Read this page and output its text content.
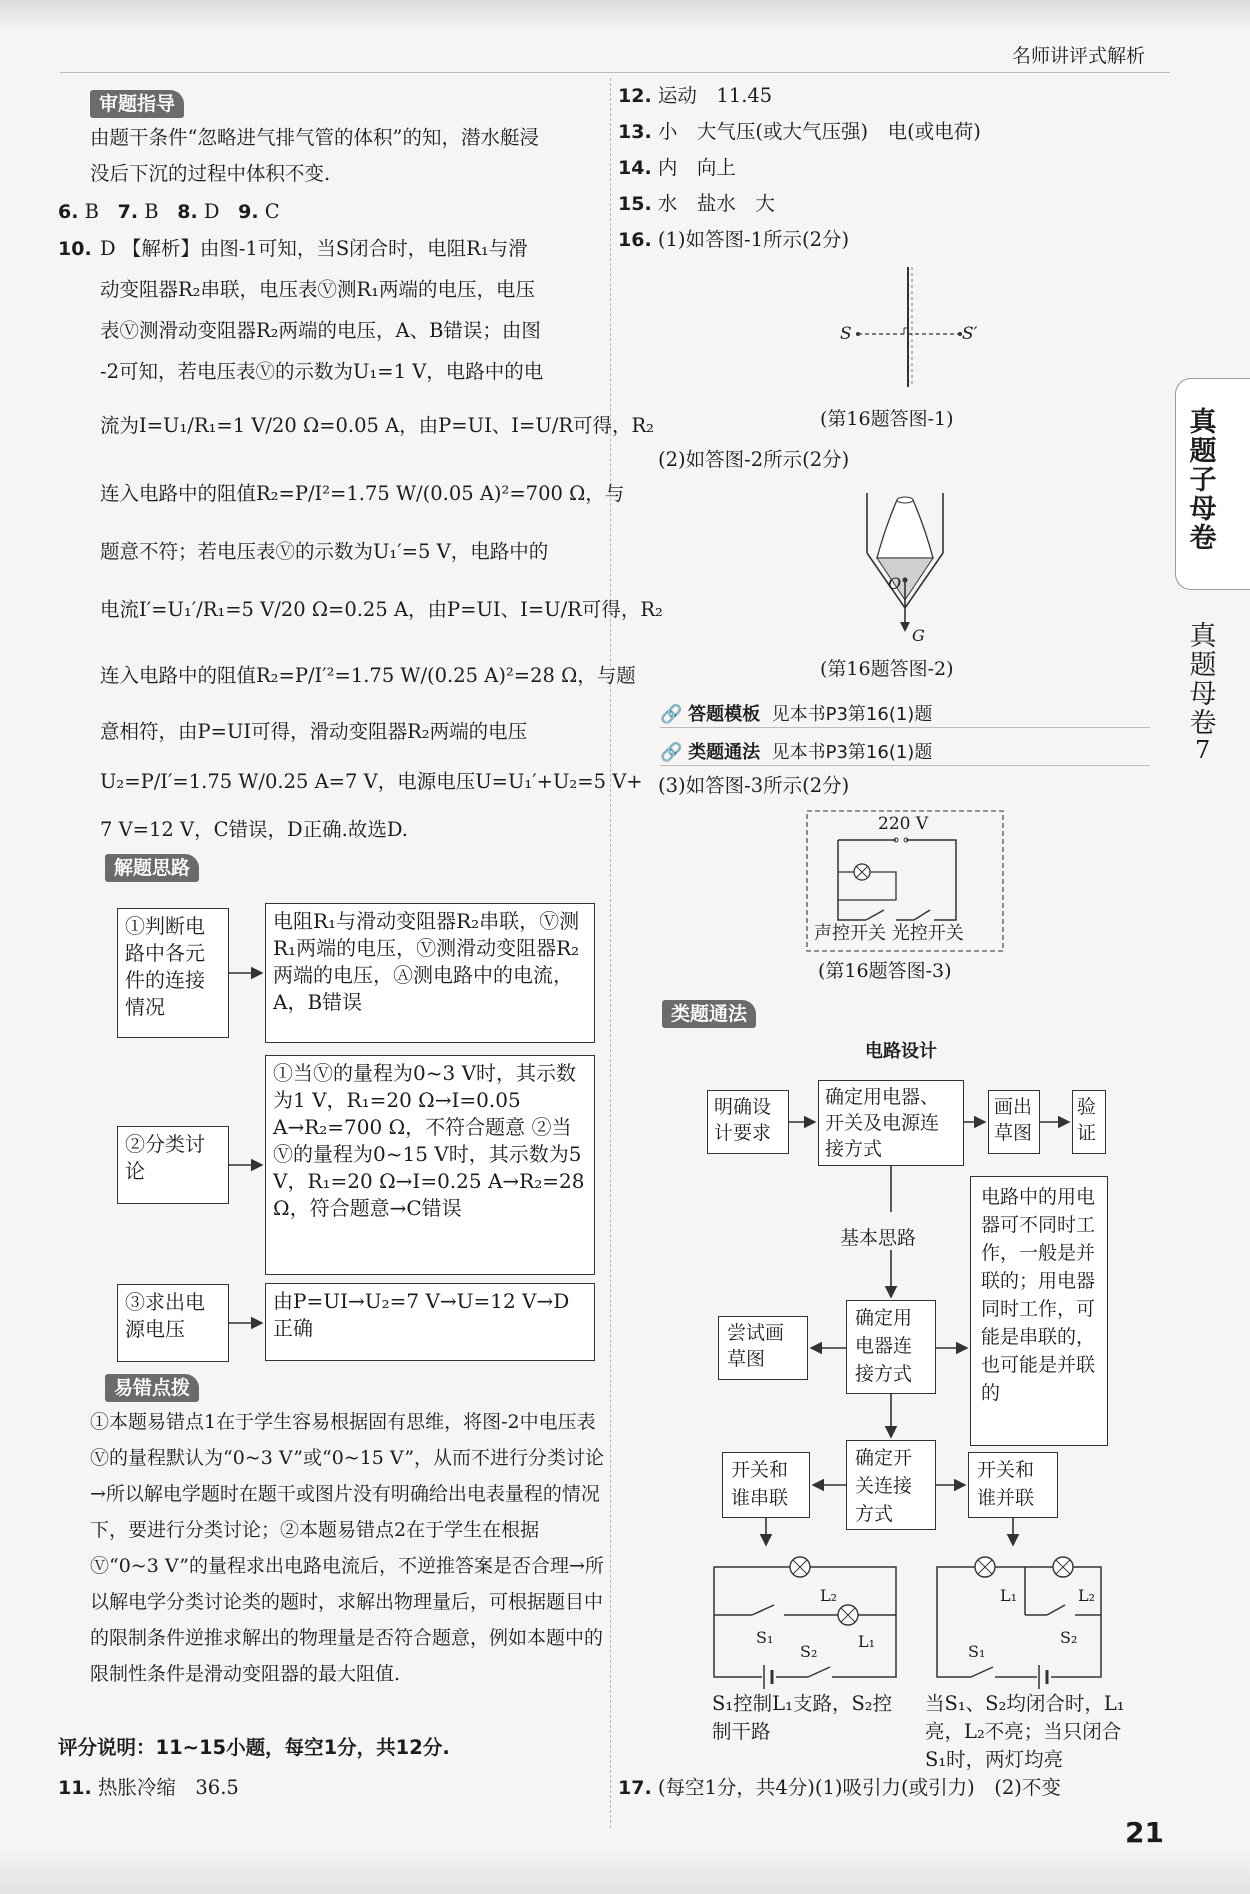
名师讲评式解析
真题子母卷
真题母卷
7
审题指导
由题干条件“忽略进气排气管的体积”的知，潜水艇浸
没后下沉的过程中体积不变.
6. B 7. B 8. D 9. C
10. D 【解析】由图-1可知，当S闭合时，电阻R₁与滑
动变阻器R₂串联，电压表Ⓥ测R₁两端的电压，电压
表Ⓥ测滑动变阻器R₂两端的电压，A、B错误；由图
-2可知，若电压表Ⓥ的示数为U₁=1 V，电路中的电
流为I=U₁/R₁=1 V/20 Ω=0.05 A，由P=UI、I=U/R可得，R₂
连入电路中的阻值R₂=P/I²=1.75 W/(0.05 A)²=700 Ω，与
题意不符；若电压表Ⓥ的示数为U₁′=5 V，电路中的
电流I′=U₁′/R₁=5 V/20 Ω=0.25 A，由P=UI、I=U/R可得，R₂
连入电路中的阻值R₂=P/I′²=1.75 W/(0.25 A)²=28 Ω，与题
意相符，由P=UI可得，滑动变阻器R₂两端的电压
U₂=P/I′=1.75 W/0.25 A=7 V，电源电压U=U₁′+U₂=5 V+
7 V=12 V，C错误，D正确.故选D.
解题思路
①判断电路中各元件的连接情况
电阻R₁与滑动变阻器R₂串联，Ⓥ测R₁两端的电压，Ⓥ测滑动变阻器R₂两端的电压，Ⓐ测电路中的电流，A，B错误
②分类讨论
①当Ⓥ的量程为0~3 V时，其示数为1 V，R₁=20 Ω→I=0.05 A→R₂=700 Ω，不符合题意 ②当Ⓥ的量程为0~15 V时，其示数为5 V，R₁=20 Ω→I=0.25 A→R₂=28 Ω，符合题意→C错误
③求出电源电压
由P=UI→U₂=7 V→U=12 V→D正确
易错点拨
①本题易错点1在于学生容易根据固有思维，将图-2中电压表Ⓥ的量程默认为“0~3 V”或“0~15 V”，从而不进行分类讨论→所以解电学题时在题干或图片没有明确给出电表量程的情况下，要进行分类讨论；②本题易错点2在于学生在根据Ⓥ“0~3 V”的量程求出电路电流后，不逆推答案是否合理→所以解电学分类讨论类的题时，求解出物理量后，可根据题目中的限制条件逆推求解出的物理量是否符合题意，例如本题中的限制性条件是滑动变阻器的最大阻值.
评分说明：11~15小题，每空1分，共12分.
11. 热胀冷缩　36.5
12. 运动　11.45
13. 小　大气压(或大气压强)　电(或电荷)
14. 内　向上
15. 水　盐水　大
16. (1)如答图-1所示(2分)
S	S′
(第16题答图-1)
(2)如答图-2所示(2分)
O
G
(第16题答图-2)
🔗 答题模板 见本书P3第16(1)题
🔗 类题通法 见本书P3第16(1)题
(3)如答图-3所示(2分)
220 V
声控开关 光控开关
(第16题答图-3)
类题通法
电路设计
明确设计要求
确定用电器、开关及电源连接方式
画出草图
验证
基本思路
电路中的用电器可不同时工作，一般是并联的；用电器同时工作，可能是串联的，也可能是并联的
尝试画草图
确定用电器连接方式
开关和谁串联
确定开关连接方式
开关和谁并联
L₂
L₁
S₁
S₂
S₁控制L₁支路，S₂控制干路
L₁	L₂
S₁
S₂
当S₁、S₂均闭合时，L₁亮，L₂不亮；当只闭合S₁时，两灯均亮
17. (每空1分，共4分)(1)吸引力(或引力)　(2)不变
21
